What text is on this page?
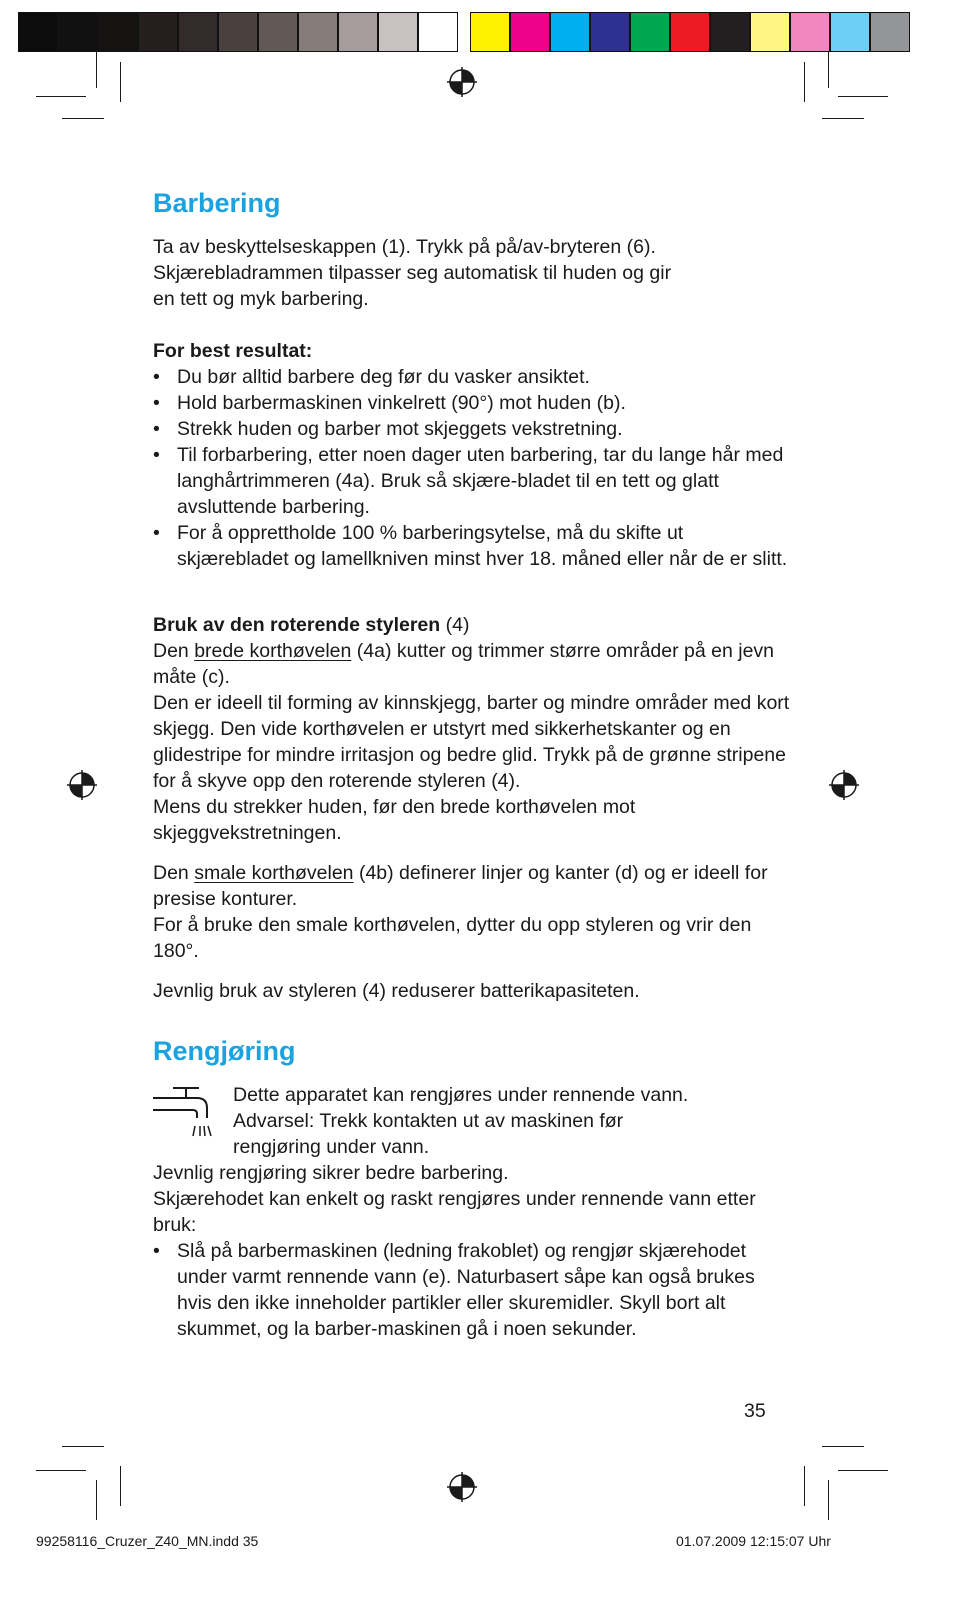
Barbering

Ta av beskyttelseskappen (1). Trykk på på/av-bryteren (6).

Skjærebladrammen tilpasser seg automatisk til huden og gir

en tett og myk barbering.

For best resultat:

• Du bør alltid barbere deg før du vasker ansiktet.
• Hold barbermaskinen vinkelrett (90°) mot huden (b).
• Strekk huden og barber mot skjeggets vekstretning.
• Til forbarbering, etter noen dager uten barbering, tar du lange hår med langhårtrimmeren (4a). Bruk så skjære-bladet til en tett og glatt avsluttende barbering.
• For å opprettholde 100 % barberingsytelse, må du skifte ut skjærebladet og lamellkniven minst hver 18. måned eller når de er slitt.

Bruk av den roterende styleren (4)

Den brede korthøvelen (4a) kutter og trimmer større områder på en jevn måte (c).

Den er ideell til forming av kinnskjegg, barter og mindre områder med kort skjegg. Den vide korthøvelen er utstyrt med sikkerhetskanter og en glidestripe for mindre irritasjon og bedre glid. Trykk på de grønne stripene for å skyve opp den roterende styleren (4).

Mens du strekker huden, før den brede korthøvelen mot skjeggvekstretningen.

Den smale korthøvelen (4b) definerer linjer og kanter (d) og er ideell for presise konturer.

For å bruke den smale korthøvelen, dytter du opp styleren og vrir den 180°.

Jevnlig bruk av styleren (4) reduserer batterikapasiteten.

Rengjøring

Dette apparatet kan rengjøres under rennende vann.

Advarsel: Trekk kontakten ut av maskinen før

rengjøring under vann.

Jevnlig rengjøring sikrer bedre barbering.

Skjærehodet kan enkelt og raskt rengjøres under rennende vann etter bruk:

• Slå på barbermaskinen (ledning frakoblet) og rengjør skjærehodet under varmt rennende vann (e). Naturbasert såpe kan også brukes hvis den ikke inneholder partikler eller skuremidler. Skyll bort alt skummet, og la barber-maskinen gå i noen sekunder.
35
99258116_Cruzer_Z40_MN.indd 35	01.07.2009 12:15:07 Uhr
